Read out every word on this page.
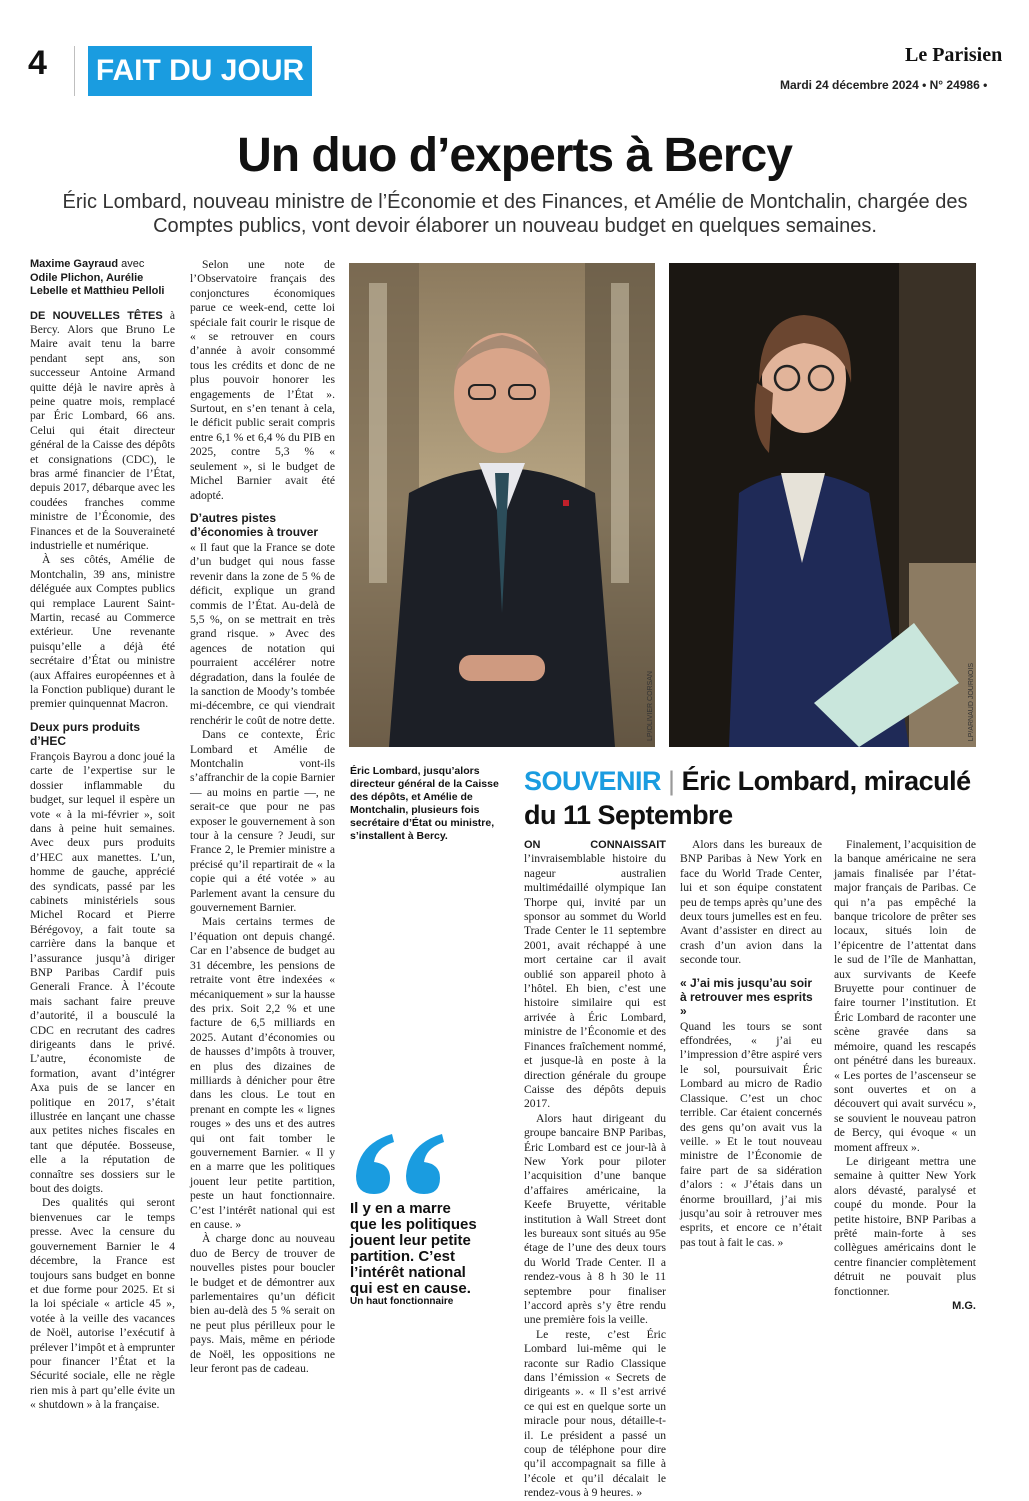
4 FAIT DU JOUR	Le Parisien
Mardi 24 décembre 2024 • N° 24986 •
Un duo d’experts à Bercy
Éric Lombard, nouveau ministre de l’Économie et des Finances, et Amélie de Montchalin, chargée des Comptes publics, vont devoir élaborer un nouveau budget en quelques semaines.
Maxime Gayraud avec
Odile Plichon, Aurélie Lebelle et Matthieu Pelloli

DE NOUVELLES TÊTES à Bercy. Alors que Bruno Le Maire avait tenu la barre pendant sept ans, son successeur Antoine Armand quitte déjà le navire après à peine quatre mois, remplacé par Éric Lombard, 66 ans. Celui qui était directeur général de la Caisse des dépôts et consignations (CDC), le bras armé financier de l’État, depuis 2017, débarque avec les coudées franches comme ministre de l’Économie, des Finances et de la Souveraineté industrielle et numérique.

À ses côtés, Amélie de Montchalin, 39 ans, ministre déléguée aux Comptes publics qui remplace Laurent Saint-Martin, recasé au Commerce extérieur. Une revenante puisqu’elle a déjà été secrétaire d’État ou ministre (aux Affaires européennes et à la Fonction publique) durant le premier quinquennat Macron.

Deux purs produits d’HEC

François Bayrou a donc joué la carte de l’expertise sur le dossier inflammable du budget, sur lequel il espère un vote « à la mi-février », soit dans à peine huit semaines. Avec deux purs produits d’HEC aux manettes. L’un, homme de gauche, apprécié des syndicats, passé par les cabinets ministériels sous Michel Rocard et Pierre Bérégovoy, a fait toute sa carrière dans la banque et l’assurance jusqu’à diriger BNP Paribas Cardif puis Generali France. À l’écoute mais sachant faire preuve d’autorité, il a bousculé la CDC en recrutant des cadres dirigeants dans le privé. L’autre, économiste de formation, avant d’intégrer Axa puis de se lancer en politique en 2017, s’était illustrée en lançant une chasse aux petites niches fiscales en tant que députée. Bosseuse, elle a la réputation de connaître ses dossiers sur le bout des doigts.

Des qualités qui seront bienvenues car le temps presse. Avec la censure du gouvernement Barnier le 4 décembre, la France est toujours sans budget en bonne et due forme pour 2025. Et si la loi spéciale « article 45 », votée à la veille des vacances de Noël, autorise l’exécutif à prélever l’impôt et à emprunter pour financer l’État et la Sécurité sociale, elle ne règle rien mis à part qu’elle évite un « shutdown » à la française.

Selon une note de l’Observatoire français des conjonctures économiques parue ce week-end, cette loi spéciale fait courir le risque de « se retrouver en cours d’année à avoir consommé tous les crédits et donc de ne plus pouvoir honorer les engagements de l’État ». Surtout, en s’en tenant à cela, le déficit public serait compris entre 6,1 % et 6,4 % du PIB en 2025, contre 5,3 % « seulement », si le budget de Michel Barnier avait été adopté.

D’autres pistes d’économies à trouver

« Il faut que la France se dote d’un budget qui nous fasse revenir dans la zone de 5 % de déficit, explique un grand commis de l’État. Au-delà de 5,5 %, on se mettrait en très grand risque. » Avec des agences de notation qui pourraient accélérer notre dégradation, dans la foulée de la sanction de Moody’s tombée mi-décembre, ce qui viendrait renchérir le coût de notre dette.

Dans ce contexte, Éric Lombard et Amélie de Montchalin vont-ils s’affranchir de la copie Barnier — au moins en partie —, ne serait-ce que pour ne pas exposer le gouvernement à son tour à la censure ? Jeudi, sur France 2, le Premier ministre a précisé qu’il repartirait de « la copie qui a été votée » au Parlement avant la censure du gouvernement Barnier.

Mais certains termes de l’équation ont depuis changé. Car en l’absence de budget au 31 décembre, les pensions de retraite vont être indexées « mécaniquement » sur la hausse des prix. Soit 2,2 % et une facture de 6,5 milliards en 2025. Autant d’économies ou de hausses d’impôts à trouver, en plus des dizaines de milliards à dénicher pour être dans les clous. Le tout en prenant en compte les « lignes rouges » des uns et des autres qui ont fait tomber le gouvernement Barnier. « Il y en a marre que les politiques jouent leur petite partition, peste un haut fonctionnaire. C’est l’intérêt national qui est en cause. »

À charge donc au nouveau duo de Bercy de trouver de nouvelles pistes pour boucler le budget et de démontrer aux parlementaires qu’un déficit bien au-delà des 5 % serait on ne peut plus périlleux pour le pays. Mais, même en période de Noël, les oppositions ne leur feront pas de cadeau.

LP/OLIVIER CORSAN	LP/ARNAUD JOURNOIS
Éric Lombard, jusqu’alors directeur général de la Caisse des dépôts, et Amélie de Montchalin, plusieurs fois secrétaire d’État ou ministre, s’installent à Bercy.
SOUVENIR | Éric Lombard, miraculé du 11 Septembre

ON CONNAISSAIT l’invraisemblable histoire du nageur australien multimédaillé olympique Ian Thorpe qui, invité par un sponsor au sommet du World Trade Center le 11 septembre 2001, avait réchappé à une mort certaine car il avait oublié son appareil photo à l’hôtel. Eh bien, c’est une histoire similaire qui est arrivée à Éric Lombard, ministre de l’Économie et des Finances fraîchement nommé, et jusque-là en poste à la direction générale du groupe Caisse des dépôts depuis 2017.

Alors haut dirigeant du groupe bancaire BNP Paribas, Éric Lombard est ce jour-là à New York pour piloter l’acquisition d’une banque d’affaires américaine, la Keefe Bruyette, véritable institution à Wall Street dont les bureaux sont situés au 95e étage de l’une des deux tours du World Trade Center. Il a rendez-vous à 8 h 30 le 11 septembre pour finaliser l’accord après s’y être rendu une première fois la veille.

Le reste, c’est Éric Lombard lui-même qui le raconte sur Radio Classique dans l’émission « Secrets de dirigeants ». « Il s’est arrivé ce qui est en quelque sorte un miracle pour nous, détaille-t-il. Le président a passé un coup de téléphone pour dire qu’il accompagnait sa fille à l’école et qu’il décalait le rendez-vous à 9 heures. »

Alors dans les bureaux de BNP Paribas à New York en face du World Trade Center, lui et son équipe constatent peu de temps après qu’une des deux tours jumelles est en feu. Avant d’assister en direct au crash d’un avion dans la seconde tour.

« J’ai mis jusqu’au soir à retrouver mes esprits »

Quand les tours se sont effondrées, « j’ai eu l’impression d’être aspiré vers le sol, poursuivait Éric Lombard au micro de Radio Classique. C’est un choc terrible. Car étaient concernés des gens qu’on avait vus la veille. » Et le tout nouveau ministre de l’Économie de faire part de sa sidération d’alors : « J’étais dans un énorme brouillard, j’ai mis jusqu’au soir à retrouver mes esprits, et encore ce n’était pas tout à fait le cas. »

Finalement, l’acquisition de la banque américaine ne sera jamais finalisée par l’état-major français de Paribas. Ce qui n’a pas empêché la banque tricolore de prêter ses locaux, situés loin de l’épicentre de l’attentat dans le sud de l’île de Manhattan, aux survivants de Keefe Bruyette pour continuer de faire tourner l’institution. Et Éric Lombard de raconter une scène gravée dans sa mémoire, quand les rescapés ont pénétré dans les bureaux. « Les portes de l’ascenseur se sont ouvertes et on a découvert qui avait survécu », se souvient le nouveau patron de Bercy, qui évoque « un moment affreux ».

Le dirigeant mettra une semaine à quitter New York alors dévasté, paralysé et coupé du monde. Pour la petite histoire, BNP Paribas a prêté main-forte à ses collègues américains dont le centre financier complètement détruit ne pouvait plus fonctionner.

M.G.
Il y en a marre que les politiques jouent leur petite partition. C’est l’intérêt national qui est en cause.
Un haut fonctionnaire
